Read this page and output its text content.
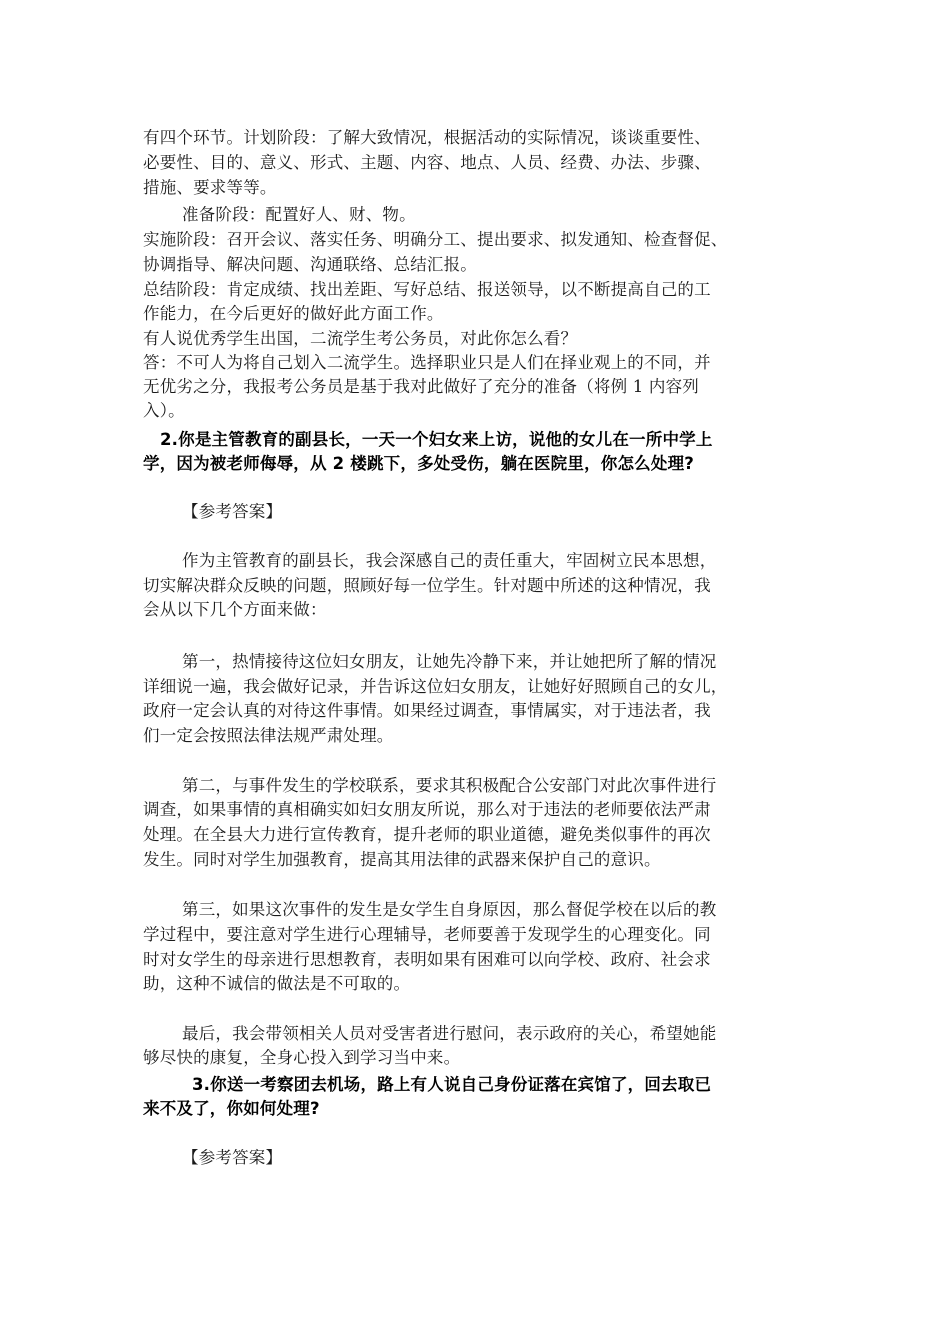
有四个环节。计划阶段：了解大致情况，根据活动的实际情况，谈谈重要性、
必要性、目的、意义、形式、主题、内容、地点、人员、经费、办法、步骤、
措施、要求等等。
准备阶段：配置好人、财、物。
实施阶段：召开会议、落实任务、明确分工、提出要求、拟发通知、检查督促、
协调指导、解决问题、沟通联络、总结汇报。
总结阶段：肯定成绩、找出差距、写好总结、报送领导，以不断提高自己的工
作能力，在今后更好的做好此方面工作。
有人说优秀学生出国，二流学生考公务员，对此你怎么看？
答：不可人为将自己划入二流学生。选择职业只是人们在择业观上的不同，并
无优劣之分，我报考公务员是基于我对此做好了充分的准备（将例 1 内容列
入）。
2.你是主管教育的副县长，一天一个妇女来上访，说他的女儿在一所中学上
学，因为被老师侮辱，从 2 楼跳下，多处受伤，躺在医院里，你怎么处理?
【参考答案】
作为主管教育的副县长，我会深感自己的责任重大，牢固树立民本思想，
切实解决群众反映的问题，照顾好每一位学生。针对题中所述的这种情况，我
会从以下几个方面来做：
第一，热情接待这位妇女朋友，让她先冷静下来，并让她把所了解的情况
详细说一遍，我会做好记录，并告诉这位妇女朋友，让她好好照顾自己的女儿，
政府一定会认真的对待这件事情。如果经过调查，事情属实，对于违法者，我
们一定会按照法律法规严肃处理。
第二，与事件发生的学校联系，要求其积极配合公安部门对此次事件进行
调查，如果事情的真相确实如妇女朋友所说，那么对于违法的老师要依法严肃
处理。在全县大力进行宣传教育，提升老师的职业道德，避免类似事件的再次
发生。同时对学生加强教育，提高其用法律的武器来保护自己的意识。
第三，如果这次事件的发生是女学生自身原因，那么督促学校在以后的教
学过程中，要注意对学生进行心理辅导，老师要善于发现学生的心理变化。同
时对女学生的母亲进行思想教育，表明如果有困难可以向学校、政府、社会求
助，这种不诚信的做法是不可取的。
最后，我会带领相关人员对受害者进行慰问，表示政府的关心，希望她能
够尽快的康复，全身心投入到学习当中来。
3.你送一考察团去机场，路上有人说自己身份证落在宾馆了，回去取已
来不及了，你如何处理?
【参考答案】
